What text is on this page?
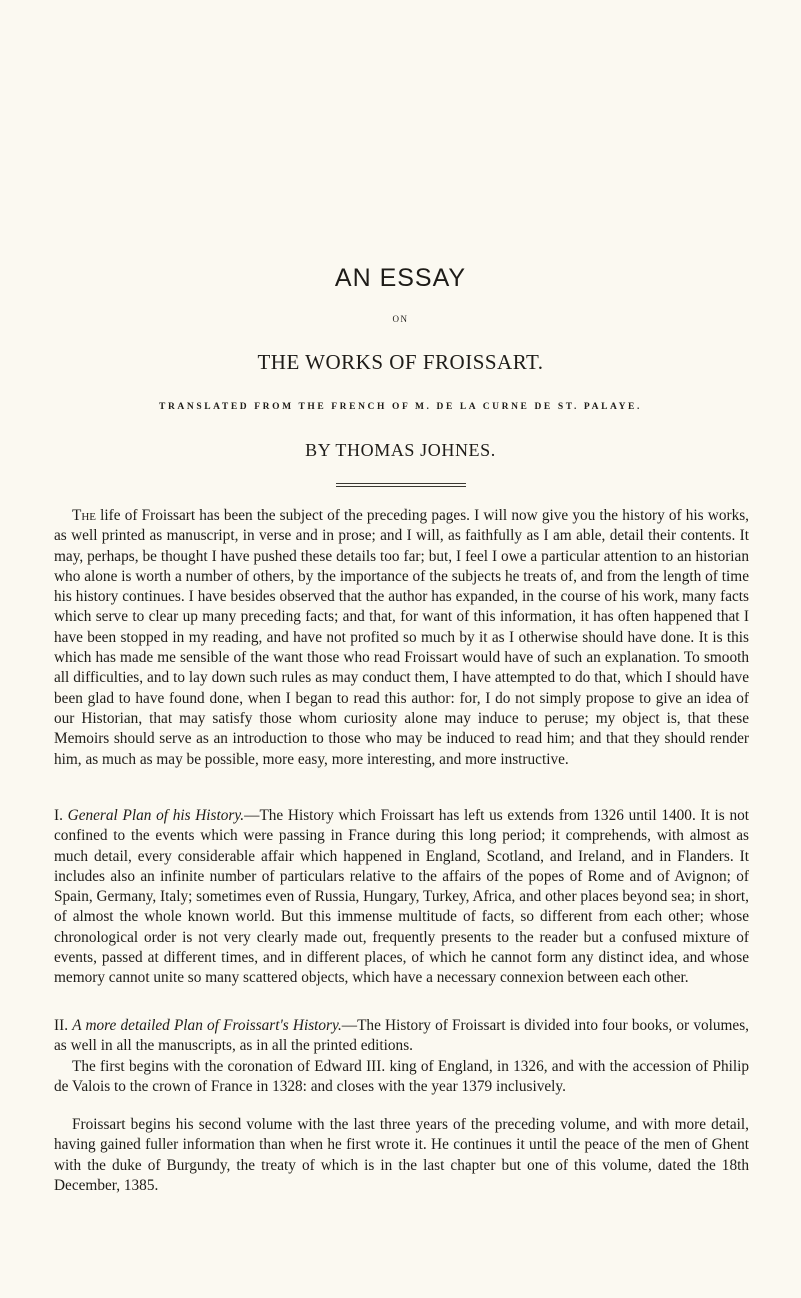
AN ESSAY
ON
THE WORKS OF FROISSART.
TRANSLATED FROM THE FRENCH OF M. DE LA CURNE DE ST. PALAYE.
BY THOMAS JOHNES.

The life of Froissart has been the subject of the preceding pages. I will now give you the history of his works, as well printed as manuscript, in verse and in prose; and I will, as faithfully as I am able, detail their contents. It may, perhaps, be thought I have pushed these details too far; but, I feel I owe a particular attention to an historian who alone is worth a number of others, by the importance of the subjects he treats of, and from the length of time his history continues. I have besides observed that the author has expanded, in the course of his work, many facts which serve to clear up many preceding facts; and that, for want of this information, it has often happened that I have been stopped in my reading, and have not profited so much by it as I otherwise should have done. It is this which has made me sensible of the want those who read Froissart would have of such an explanation. To smooth all difficulties, and to lay down such rules as may conduct them, I have attempted to do that, which I should have been glad to have found done, when I began to read this author: for, I do not simply propose to give an idea of our Historian, that may satisfy those whom curiosity alone may induce to peruse; my object is, that these Memoirs should serve as an introduction to those who may be induced to read him; and that they should render him, as much as may be possible, more easy, more interesting, and more instructive.

I. General Plan of his History.—The History which Froissart has left us extends from 1326 until 1400. It is not confined to the events which were passing in France during this long period; it comprehends, with almost as much detail, every considerable affair which happened in England, Scotland, and Ireland, and in Flanders. It includes also an infinite number of particulars relative to the affairs of the popes of Rome and of Avignon; of Spain, Germany, Italy; sometimes even of Russia, Hungary, Turkey, Africa, and other places beyond sea; in short, of almost the whole known world. But this immense multitude of facts, so different from each other; whose chronological order is not very clearly made out, frequently presents to the reader but a confused mixture of events, passed at different times, and in different places, of which he cannot form any distinct idea, and whose memory cannot unite so many scattered objects, which have a necessary connexion between each other.

II. A more detailed Plan of Froissart's History.—The History of Froissart is divided into four books, or volumes, as well in all the manuscripts, as in all the printed editions.

The first begins with the coronation of Edward III. king of England, in 1326, and with the accession of Philip de Valois to the crown of France in 1328: and closes with the year 1379 inclusively.

Froissart begins his second volume with the last three years of the preceding volume, and with more detail, having gained fuller information than when he first wrote it. He continues it until the peace of the men of Ghent with the duke of Burgundy, the treaty of which is in the last chapter but one of this volume, dated the 18th December, 1385.
